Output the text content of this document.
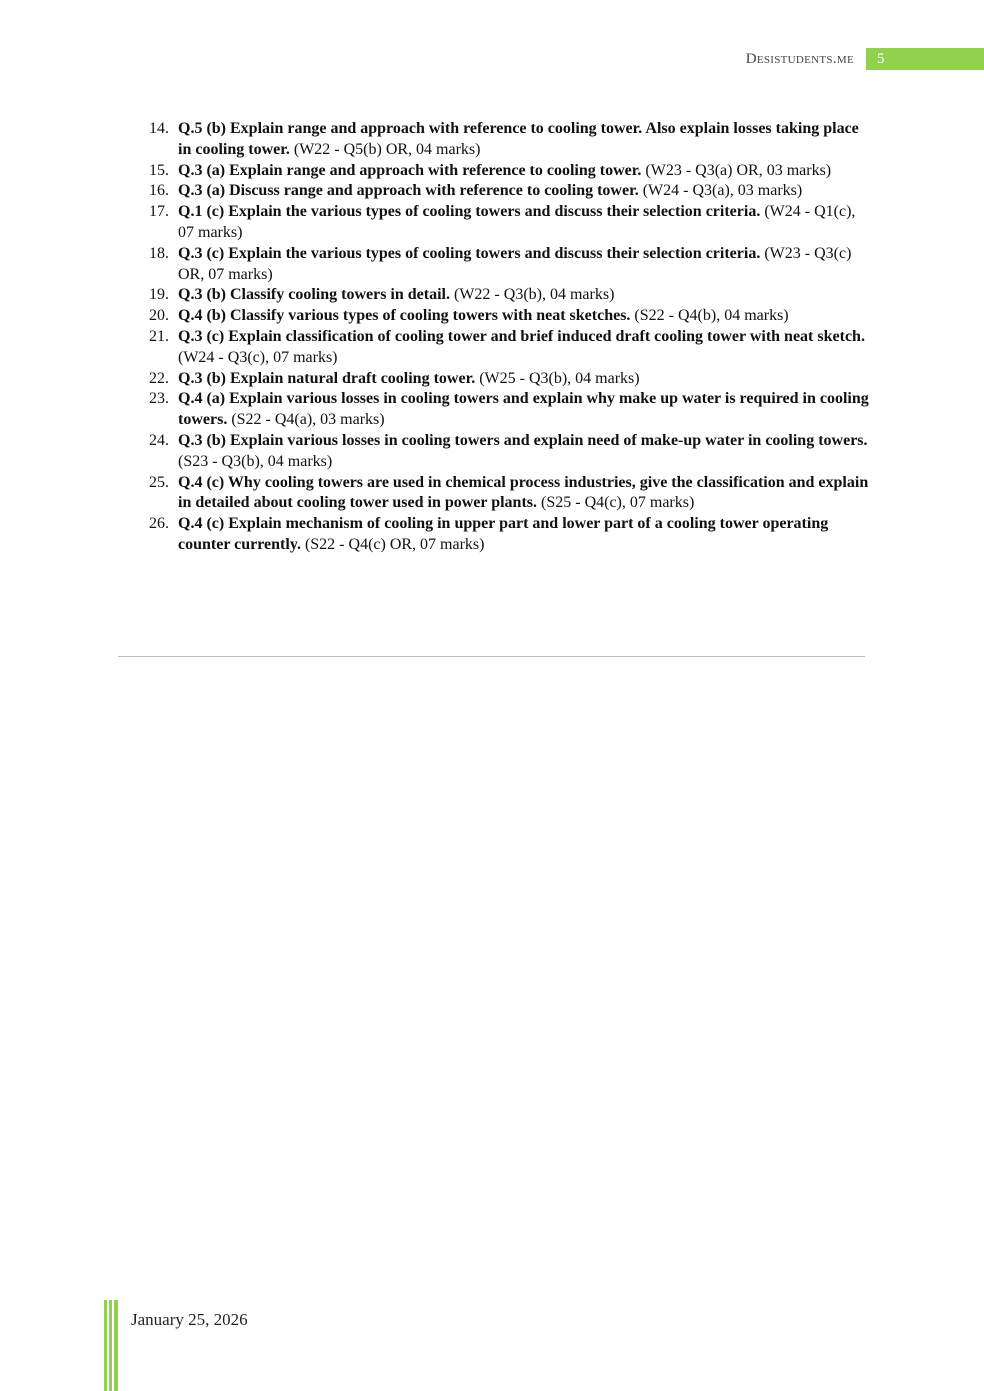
Desistudents.me	5
14. Q.5 (b) Explain range and approach with reference to cooling tower. Also explain losses taking place in cooling tower. (W22 - Q5(b) OR, 04 marks)
15. Q.3 (a) Explain range and approach with reference to cooling tower. (W23 - Q3(a) OR, 03 marks)
16. Q.3 (a) Discuss range and approach with reference to cooling tower. (W24 - Q3(a), 03 marks)
17. Q.1 (c) Explain the various types of cooling towers and discuss their selection criteria. (W24 - Q1(c), 07 marks)
18. Q.3 (c) Explain the various types of cooling towers and discuss their selection criteria. (W23 - Q3(c) OR, 07 marks)
19. Q.3 (b) Classify cooling towers in detail. (W22 - Q3(b), 04 marks)
20. Q.4 (b) Classify various types of cooling towers with neat sketches. (S22 - Q4(b), 04 marks)
21. Q.3 (c) Explain classification of cooling tower and brief induced draft cooling tower with neat sketch. (W24 - Q3(c), 07 marks)
22. Q.3 (b) Explain natural draft cooling tower. (W25 - Q3(b), 04 marks)
23. Q.4 (a) Explain various losses in cooling towers and explain why make up water is required in cooling towers. (S22 - Q4(a), 03 marks)
24. Q.3 (b) Explain various losses in cooling towers and explain need of make-up water in cooling towers. (S23 - Q3(b), 04 marks)
25. Q.4 (c) Why cooling towers are used in chemical process industries, give the classification and explain in detailed about cooling tower used in power plants. (S25 - Q4(c), 07 marks)
26. Q.4 (c) Explain mechanism of cooling in upper part and lower part of a cooling tower operating counter currently. (S22 - Q4(c) OR, 07 marks)
January 25, 2026
